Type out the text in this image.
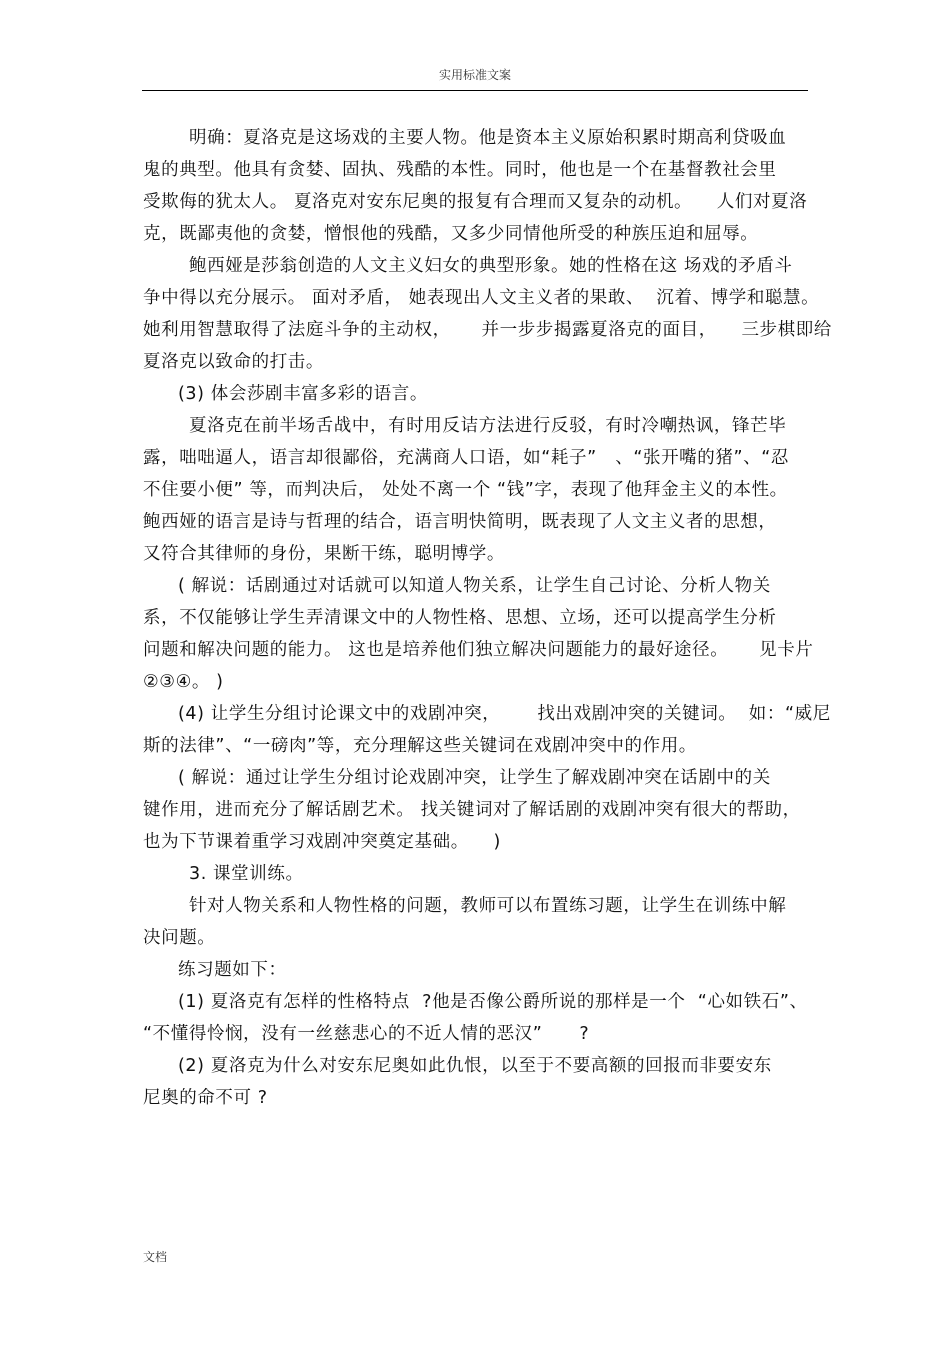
实用标准文案
明确：夏洛克是这场戏的主要人物。他是资本主义原始积累时期高利贷吸血
鬼的典型。他具有贪婪、固执、残酷的本性。同时，他也是一个在基督教社会里
受欺侮的犹太人。 夏洛克对安东尼奥的报复有合理而又复杂的动机。    人们对夏洛
克，既鄙夷他的贪婪，憎恨他的残酷，又多少同情他所受的种族压迫和屈辱。
鲍西娅是莎翁创造的人文主义妇女的典型形象。她的性格在这 场戏的矛盾斗
争中得以充分展示。 面对矛盾， 她表现出人文主义者的果敢、  沉着、博学和聪慧。
她利用智慧取得了法庭斗争的主动权，     并一步步揭露夏洛克的面目，    三步棋即给
夏洛克以致命的打击。
(3) 体会莎剧丰富多彩的语言。
夏洛克在前半场舌战中，有时用反诘方法进行反驳，有时冷嘲热讽，锋芒毕
露，咄咄逼人，语言却很鄙俗，充满商人口语，如“耗子”   、“张开嘴的猪”、“忍
不住要小便” 等，而判决后， 处处不离一个 “钱”字，表现了他拜金主义的本性。
鲍西娅的语言是诗与哲理的结合，语言明快简明，既表现了人文主义者的思想，
又符合其律师的身份，果断干练，聪明博学。
( 解说：话剧通过对话就可以知道人物关系，让学生自己讨论、分析人物关
系，不仅能够让学生弄清课文中的人物性格、思想、立场，还可以提高学生分析
问题和解决问题的能力。 这也是培养他们独立解决问题能力的最好途径。     见卡片
②③④。 )
(4) 让学生分组讨论课文中的戏剧冲突，      找出戏剧冲突的关键词。  如：“威尼
斯的法律”、“一磅肉”等，充分理解这些关键词在戏剧冲突中的作用。
( 解说：通过让学生分组讨论戏剧冲突，让学生了解戏剧冲突在话剧中的关
键作用，进而充分了解话剧艺术。 找关键词对了解话剧的戏剧冲突有很大的帮助，
也为下节课着重学习戏剧冲突奠定基础。    )
3. 课堂训练。
针对人物关系和人物性格的问题，教师可以布置练习题，让学生在训练中解
决问题。
练习题如下：
(1) 夏洛克有怎样的性格特点  ?他是否像公爵所说的那样是一个  “心如铁石”、
“不懂得怜悯，没有一丝慈悲心的不近人情的恶汉”      ?
(2) 夏洛克为什么对安东尼奥如此仇恨，以至于不要高额的回报而非要安东
尼奥的命不可 ?
文档
